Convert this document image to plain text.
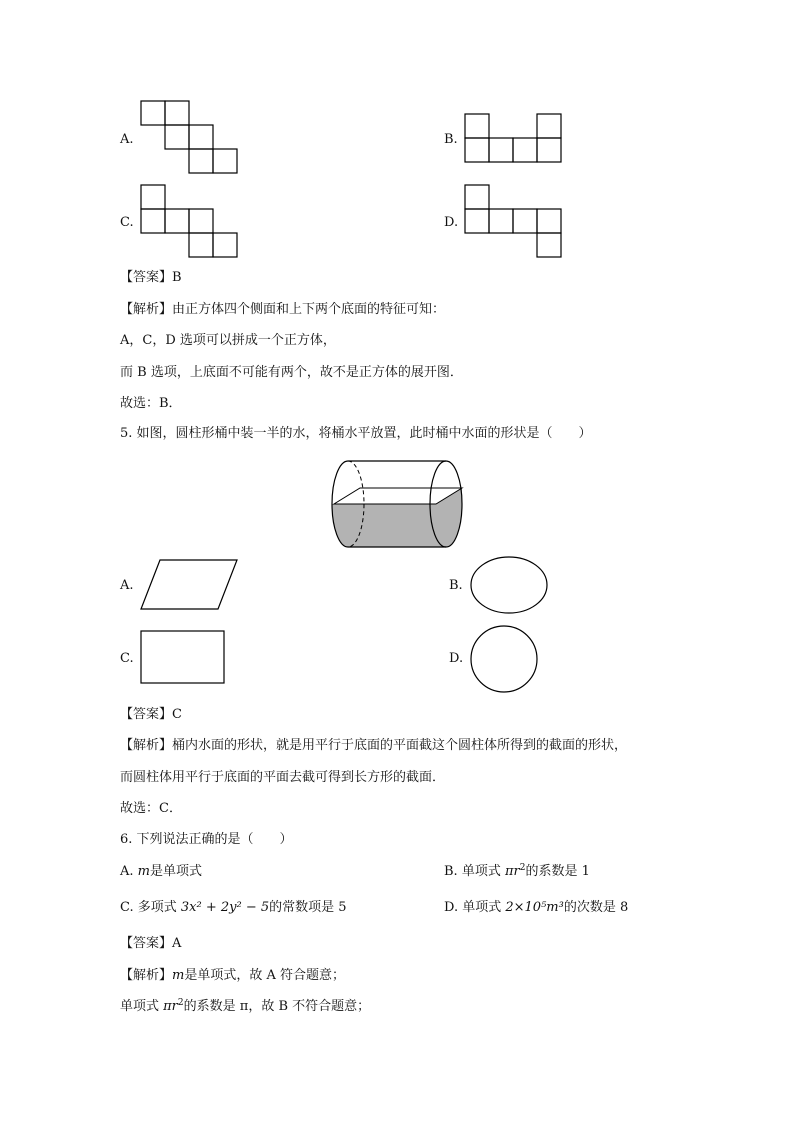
A.	B.
C.	D.
【答案】B
【解析】由正方体四个侧面和上下两个底面的特征可知：
A，C，D 选项可以拼成一个正方体，
而 B 选项，上底面不可能有两个，故不是正方体的展开图．
故选：B．
5. 如图，圆柱形桶中装一半的水，将桶水平放置，此时桶中水面的形状是（　　）
A.	B.
C.	D.
【答案】C
【解析】桶内水面的形状，就是用平行于底面的平面截这个圆柱体所得到的截面的形状，
而圆柱体用平行于底面的平面去截可得到长方形的截面．
故选：C．
6. 下列说法正确的是（　　）
A. m是单项式	B. 单项式 $\pi r^2$的系数是 1
C. 多项式 3x² + 2y² − 5的常数项是 5	D. 单项式 2×10⁵m³的次数是 8
【答案】A
【解析】m是单项式，故 A 符合题意；
单项式 $\pi r^2$的系数是 π，故 B 不符合题意；
